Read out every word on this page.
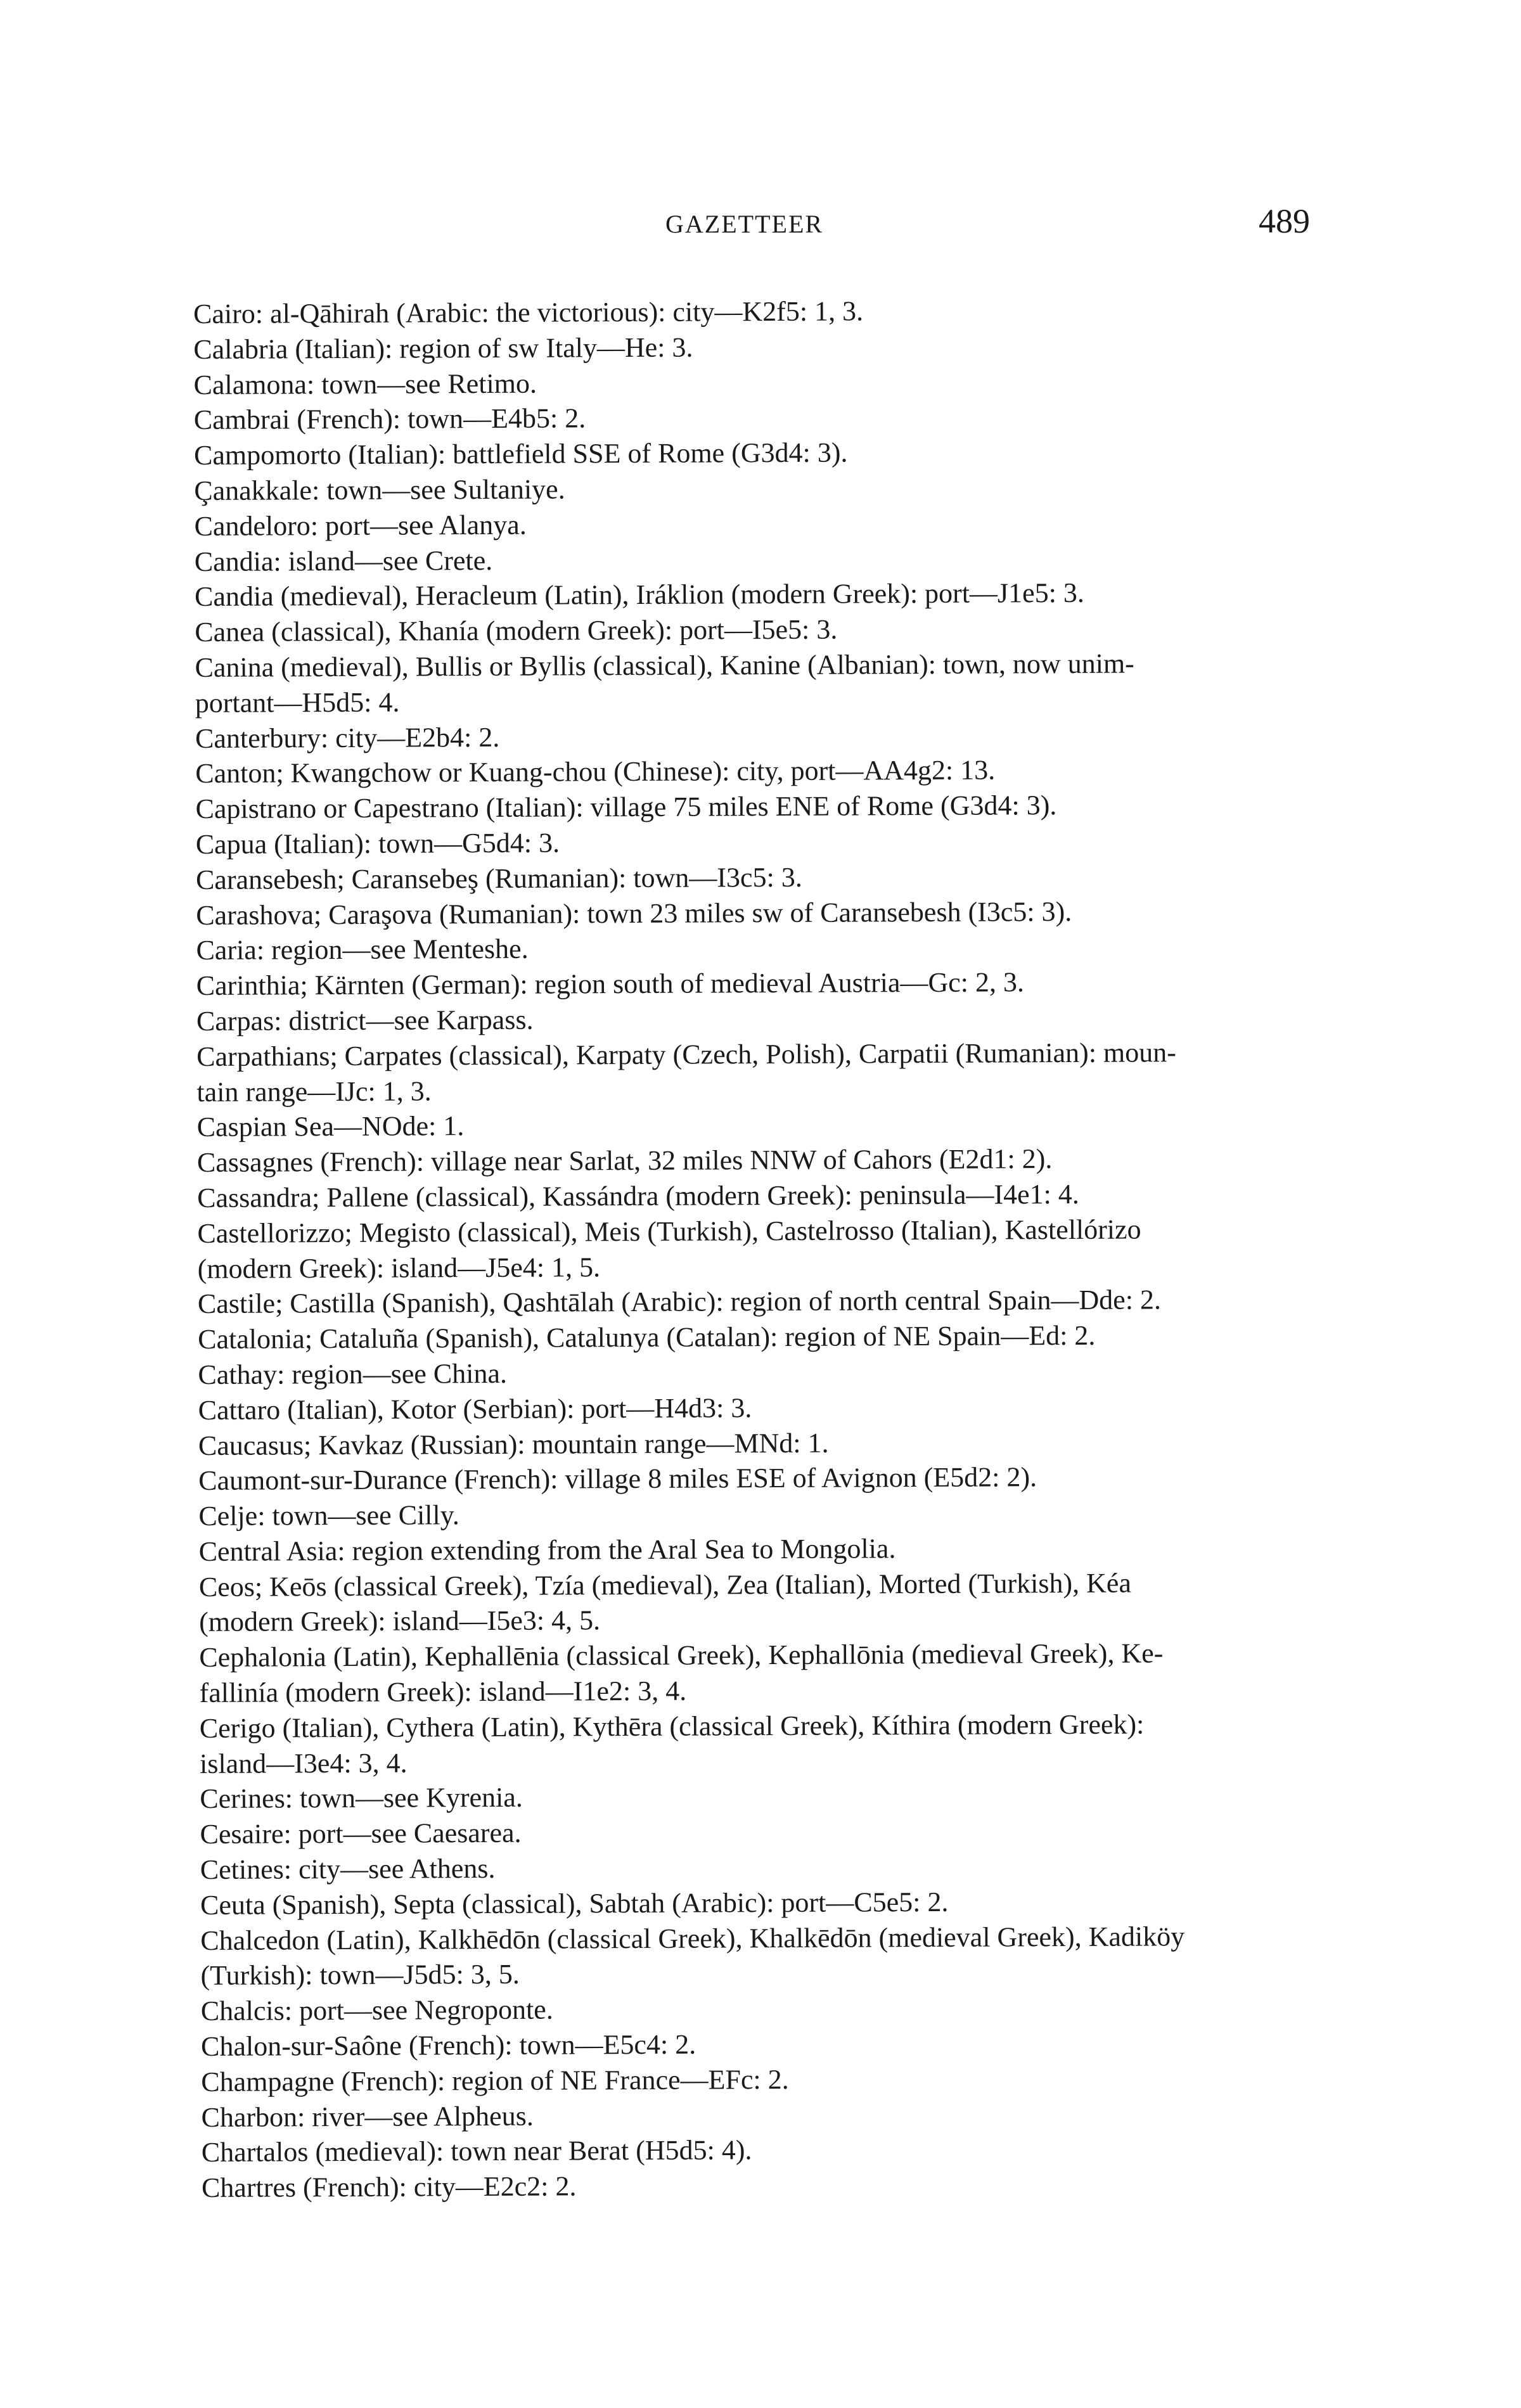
GAZETTEER	489
Cairo: al-Qāhirah (Arabic: the victorious): city—K2f5: 1, 3.
Calabria (Italian): region of sw Italy—He: 3.
Calamona: town—see Retimo.
Cambrai (French): town—E4b5: 2.
Campomorto (Italian): battlefield SSE of Rome (G3d4: 3).
Çanakkale: town—see Sultaniye.
Candeloro: port—see Alanya.
Candia: island—see Crete.
Candia (medieval), Heracleum (Latin), Iráklion (modern Greek): port—J1e5: 3.
Canea (classical), Khanía (modern Greek): port—I5e5: 3.
Canina (medieval), Bullis or Byllis (classical), Kanine (Albanian): town, now unim-
portant—H5d5: 4.
Canterbury: city—E2b4: 2.
Canton; Kwangchow or Kuang-chou (Chinese): city, port—AA4g2: 13.
Capistrano or Capestrano (Italian): village 75 miles ENE of Rome (G3d4: 3).
Capua (Italian): town—G5d4: 3.
Caransebesh; Caransebeş (Rumanian): town—I3c5: 3.
Carashova; Caraşova (Rumanian): town 23 miles sw of Caransebesh (I3c5: 3).
Caria: region—see Menteshe.
Carinthia; Kärnten (German): region south of medieval Austria—Gc: 2, 3.
Carpas: district—see Karpass.
Carpathians; Carpates (classical), Karpaty (Czech, Polish), Carpatii (Rumanian): moun-
tain range—IJc: 1, 3.
Caspian Sea—NOde: 1.
Cassagnes (French): village near Sarlat, 32 miles NNW of Cahors (E2d1: 2).
Cassandra; Pallene (classical), Kassándra (modern Greek): peninsula—I4e1: 4.
Castellorizzo; Megisto (classical), Meis (Turkish), Castelrosso (Italian), Kastellórizo
(modern Greek): island—J5e4: 1, 5.
Castile; Castilla (Spanish), Qashtālah (Arabic): region of north central Spain—Dde: 2.
Catalonia; Cataluña (Spanish), Catalunya (Catalan): region of NE Spain—Ed: 2.
Cathay: region—see China.
Cattaro (Italian), Kotor (Serbian): port—H4d3: 3.
Caucasus; Kavkaz (Russian): mountain range—MNd: 1.
Caumont-sur-Durance (French): village 8 miles ESE of Avignon (E5d2: 2).
Celje: town—see Cilly.
Central Asia: region extending from the Aral Sea to Mongolia.
Ceos; Keōs (classical Greek), Tzía (medieval), Zea (Italian), Morted (Turkish), Kéa
(modern Greek): island—I5e3: 4, 5.
Cephalonia (Latin), Kephallēnia (classical Greek), Kephallōnia (medieval Greek), Ke-
fallinía (modern Greek): island—I1e2: 3, 4.
Cerigo (Italian), Cythera (Latin), Kythēra (classical Greek), Kíthira (modern Greek):
island—I3e4: 3, 4.
Cerines: town—see Kyrenia.
Cesaire: port—see Caesarea.
Cetines: city—see Athens.
Ceuta (Spanish), Septa (classical), Sabtah (Arabic): port—C5e5: 2.
Chalcedon (Latin), Kalkhēdōn (classical Greek), Khalkēdōn (medieval Greek), Kadiköy
(Turkish): town—J5d5: 3, 5.
Chalcis: port—see Negroponte.
Chalon-sur-Saône (French): town—E5c4: 2.
Champagne (French): region of NE France—EFc: 2.
Charbon: river—see Alpheus.
Chartalos (medieval): town near Berat (H5d5: 4).
Chartres (French): city—E2c2: 2.
